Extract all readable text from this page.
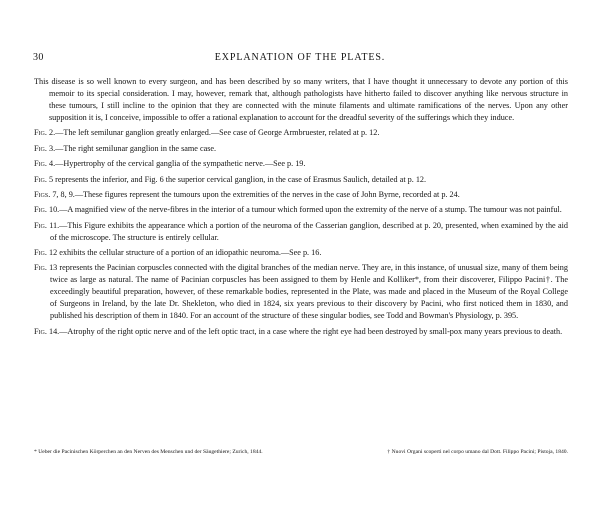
30	EXPLANATION OF THE PLATES.

This disease is so well known to every surgeon, and has been described by so many writers, that I have thought it unnecessary to devote any portion of this memoir to its special consideration. I may, however, remark that, although pathologists have hitherto failed to discover anything like nervous structure in these tumours, I still incline to the opinion that they are connected with the minute filaments and ultimate ramifications of the nerves. Upon any other supposition it is, I conceive, impossible to offer a rational explanation to account for the dreadful severity of the sufferings which they induce.

Fig. 2.—The left semilunar ganglion greatly enlarged.—See case of George Armbruester, related at p. 12.

Fig. 3.—The right semilunar ganglion in the same case.

Fig. 4.—Hypertrophy of the cervical ganglia of the sympathetic nerve.—See p. 19.

Fig. 5 represents the inferior, and Fig. 6 the superior cervical ganglion, in the case of Erasmus Saulich, detailed at p. 12.

Figs. 7, 8, 9.—These figures represent the tumours upon the extremities of the nerves in the case of John Byrne, recorded at p. 24.

Fig. 10.—A magnified view of the nerve-fibres in the interior of a tumour which formed upon the extremity of the nerve of a stump. The tumour was not painful.

Fig. 11.—This Figure exhibits the appearance which a portion of the neuroma of the Casserian ganglion, described at p. 20, presented, when examined by the aid of the microscope. The structure is entirely cellular.

Fig. 12 exhibits the cellular structure of a portion of an idiopathic neuroma.—See p. 16.

Fig. 13 represents the Pacinian corpuscles connected with the digital branches of the median nerve. They are, in this instance, of unusual size, many of them being twice as large as natural. The name of Pacinian corpuscles has been assigned to them by Henle and Kolliker*, from their discoverer, Filippo Pacini†. The exceedingly beautiful preparation, however, of these remarkable bodies, represented in the Plate, was made and placed in the Museum of the Royal College of Surgeons in Ireland, by the late Dr. Shekleton, who died in 1824, six years previous to their discovery by Pacini, who first noticed them in 1830, and published his description of them in 1840. For an account of the structure of these singular bodies, see Todd and Bowman's Physiology, p. 395.

Fig. 14.—Atrophy of the right optic nerve and of the left optic tract, in a case where the right eye had been destroyed by small-pox many years previous to death.

* Ueber die Pacinischen Körperchen an den Nerven des Menschen und der Säugethiere; Zurich, 1844.	† Nuovi Organi scoperti nel corpo umano dal Dott. Filippo Pacini; Pistoja, 1840.
